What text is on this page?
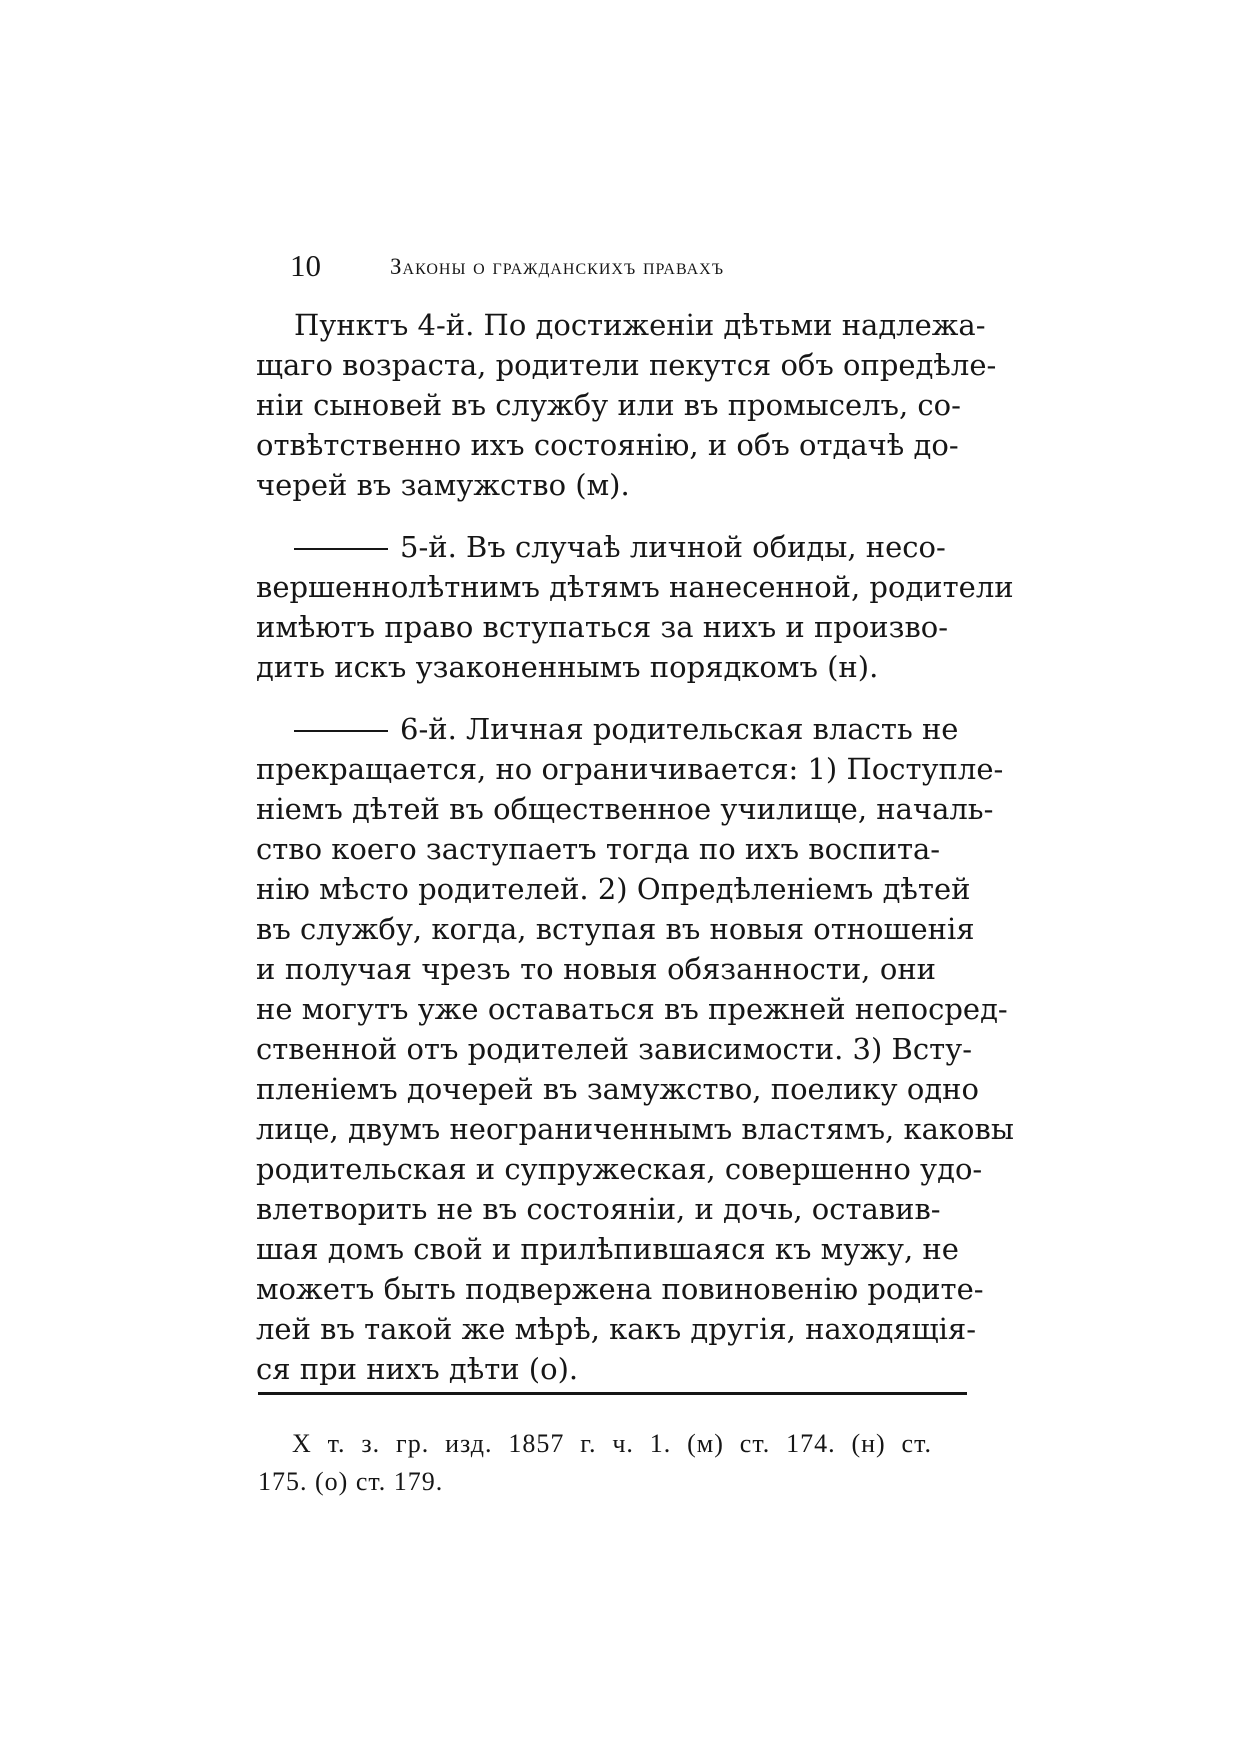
10	Законы о гражданскихъ правахъ

Пунктъ 4-й. По достиженіи дѣтьми надлежа-
щаго возраста, родители пекутся объ опредѣле-
ніи сыновей въ службу или въ промыселъ, со-
отвѣтственно ихъ состоянію, и объ отдачѣ до-
черей въ замужство (м).

5-й. Въ случаѣ личной обиды, несо-
вершеннолѣтнимъ дѣтямъ нанесенной, родители
имѣютъ право вступаться за нихъ и произво-
дить искъ узаконеннымъ порядкомъ (н).

6-й. Личная родительская власть не
прекращается, но ограничивается: 1) Поступле-
ніемъ дѣтей въ общественное училище, началь-
ство коего заступаетъ тогда по ихъ воспита-
нію мѣсто родителей. 2) Опредѣленіемъ дѣтей
въ службу, когда, вступая въ новыя отношенія
и получая чрезъ то новыя обязанности, они
не могутъ уже оставаться въ прежней непосред-
ственной отъ родителей зависимости. 3) Всту-
пленіемъ дочерей въ замужство, поелику одно
лице, двумъ неограниченнымъ властямъ, каковы
родительская и супружеская, совершенно удо-
влетворить не въ состояніи, и дочь, оставив-
шая домъ свой и прилѣпившаяся къ мужу, не
можетъ быть подвержена повиновенію родите-
лей въ такой же мѣрѣ, какъ другія, находящія-
ся при нихъ дѣти (о).

X т. з. гр. изд. 1857 г. ч. 1. (м) ст. 174. (н) ст.
175. (о) ст. 179.
